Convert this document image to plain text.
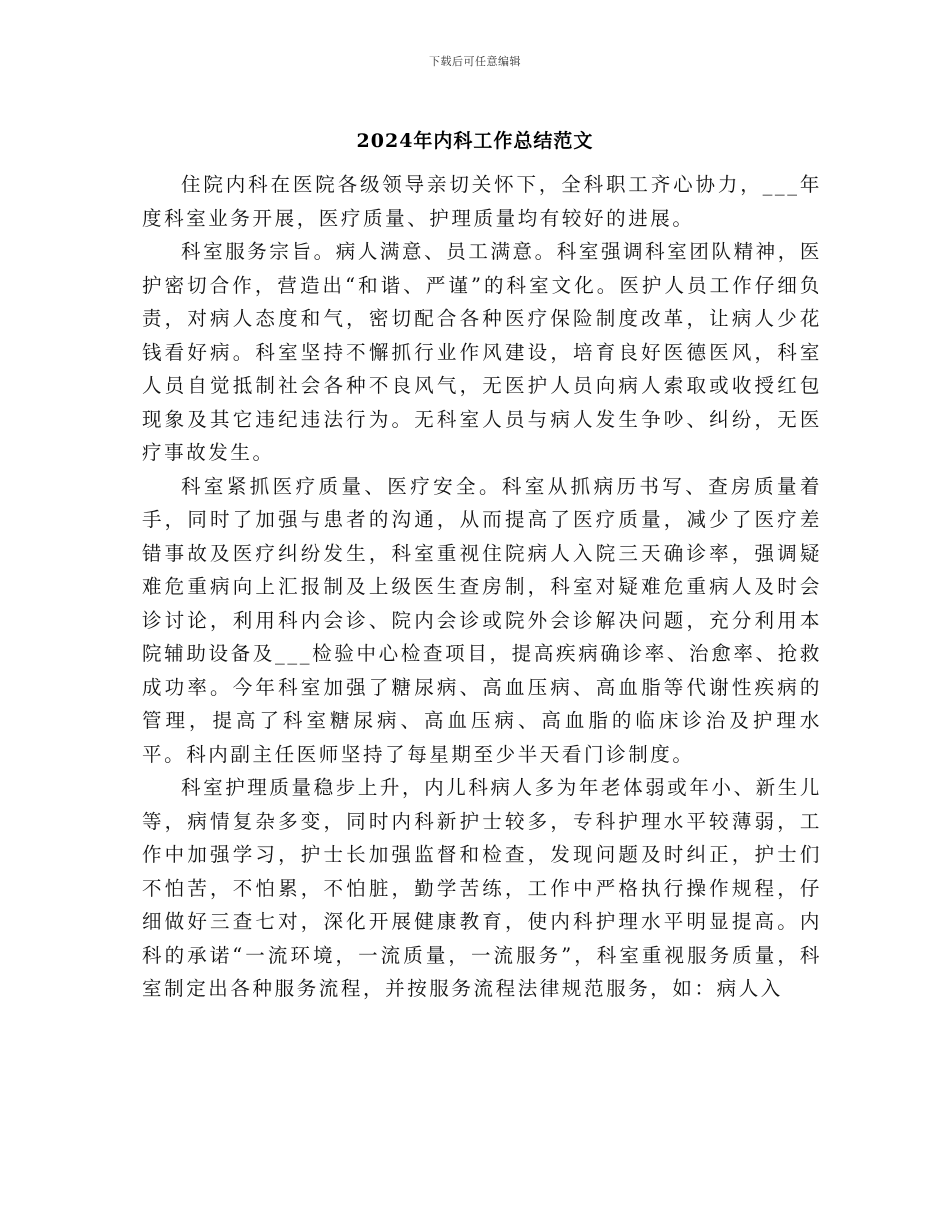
下载后可任意编辑
2024年内科工作总结范文

住院内科在医院各级领导亲切关怀下，全科职工齐心协力，___年度科室业务开展，医疗质量、护理质量均有较好的进展。

科室服务宗旨。病人满意、员工满意。科室强调科室团队精神，医护密切合作，营造出“和谐、严谨”的科室文化。医护人员工作仔细负责，对病人态度和气，密切配合各种医疗保险制度改革，让病人少花钱看好病。科室坚持不懈抓行业作风建设，培育良好医德医风，科室人员自觉抵制社会各种不良风气，无医护人员向病人索取或收授红包现象及其它违纪违法行为。无科室人员与病人发生争吵、纠纷，无医疗事故发生。

科室紧抓医疗质量、医疗安全。科室从抓病历书写、查房质量着手，同时了加强与患者的沟通，从而提高了医疗质量，减少了医疗差错事故及医疗纠纷发生，科室重视住院病人入院三天确诊率，强调疑难危重病向上汇报制及上级医生查房制，科室对疑难危重病人及时会诊讨论，利用科内会诊、院内会诊或院外会诊解决问题，充分利用本院辅助设备及___检验中心检查项目，提高疾病确诊率、治愈率、抢救成功率。今年科室加强了糖尿病、高血压病、高血脂等代谢性疾病的管理，提高了科室糖尿病、高血压病、高血脂的临床诊治及护理水平。科内副主任医师坚持了每星期至少半天看门诊制度。

科室护理质量稳步上升，内儿科病人多为年老体弱或年小、新生儿等，病情复杂多变，同时内科新护士较多，专科护理水平较薄弱，工作中加强学习，护士长加强监督和检查，发现问题及时纠正，护士们不怕苦，不怕累，不怕脏，勤学苦练，工作中严格执行操作规程，仔细做好三查七对，深化开展健康教育，使内科护理水平明显提高。内科的承诺“一流环境，一流质量，一流服务”，科室重视服务质量，科室制定出各种服务流程，并按服务流程法律规范服务，如：病人入
